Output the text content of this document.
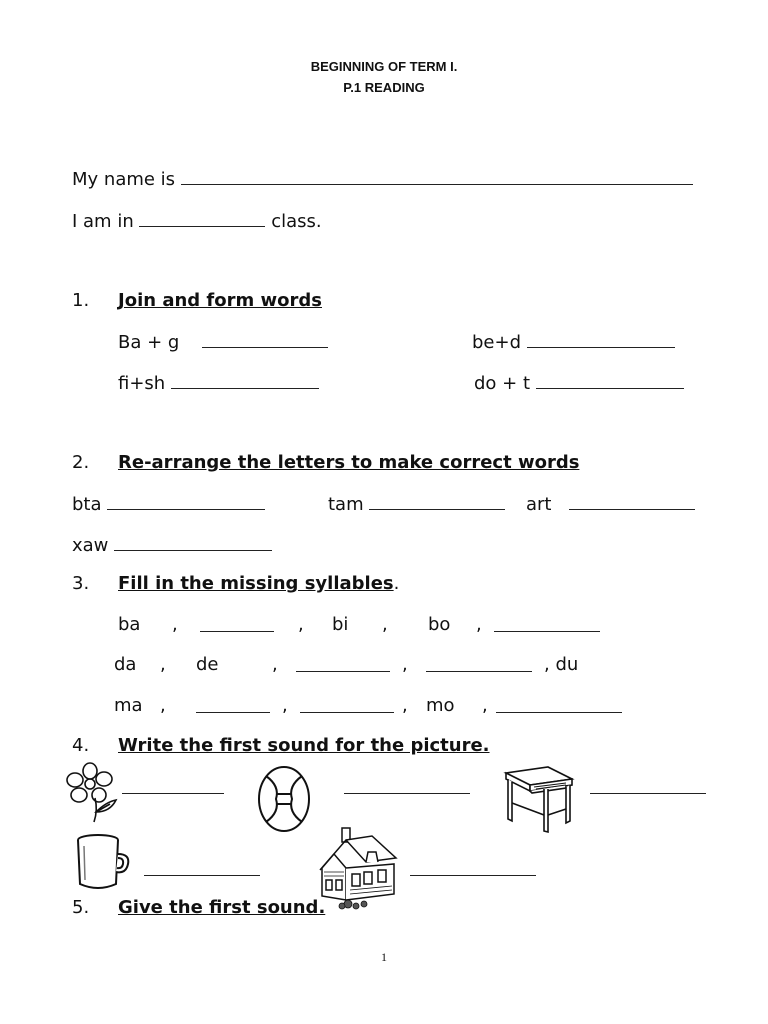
BEGINNING OF TERM I.
P.1 READING
My name is
I am in	class.
1. Join and form words
Ba + g	be+d
fi+sh	do + t
2. Re-arrange the letters to make correct words
bta	tam	art
xaw
3. Fill in the missing syllables.
ba ,	, bi , bo ,
da , de	,	,	, du
ma ,	,	, mo ,
4. Write the first sound for the picture.
5. Give the first sound.
1
